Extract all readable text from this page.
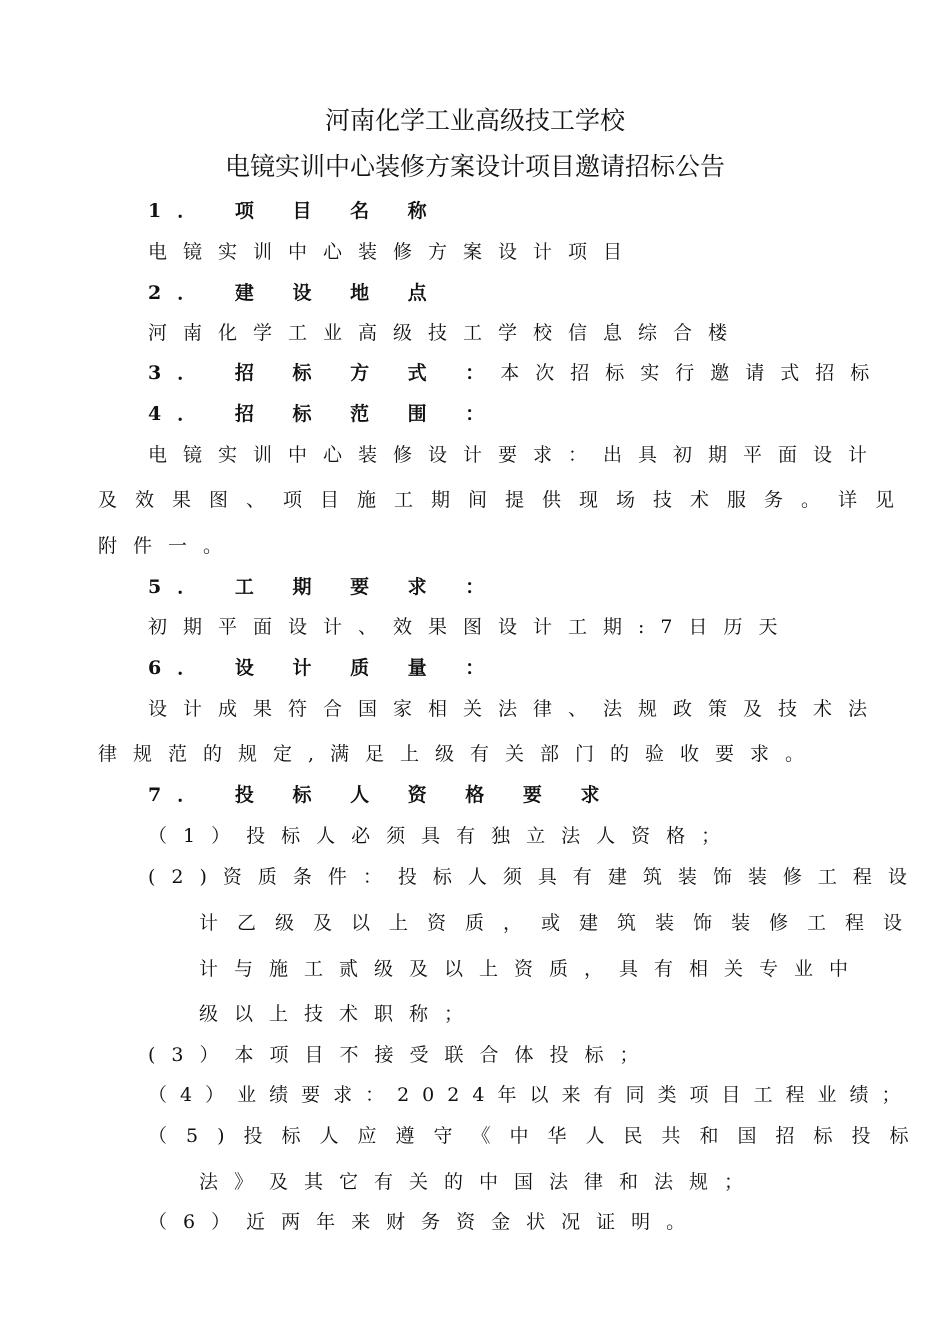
河南化学工业高级技工学校
电镜实训中心装修方案设计项目邀请招标公告
1． 项 目 名 称
电镜实训中心装修方案设计项目
2． 建 设 地 点
河南化学工业高级技工学校信息综合楼
3． 招 标 方 式 ：本次招标实行邀请式招标
4． 招 标 范 围 ：
电镜实训中心装修设计要求：出具初期平面设计
及效果图、项目施工期间提供现场技术服务。详见
附件一。
5． 工 期 要 求 ：
初期平面设计、效果图设计工期:7日历天
6． 设 计 质 量 ：
设计成果符合国家相关法律、法规政策及技术法
律规范的规定,满足上级有关部门的验收要求。
7． 投 标 人 资 格 要 求
（1）投标人必须具有独立法人资格；
(2)资质条件：投标人须具有建筑装饰装修工程设
计乙级及以上资质，或建筑装饰装修工程设
计与施工贰级及以上资质，具有相关专业中
级以上技术职称；
(3）本项目不接受联合体投标；
（4）业绩要求：2024年以来有同类项目工程业绩；
（5)投标人应遵守《中华人民共和国招标投标
法》及其它有关的中国法律和法规；
（6）近两年来财务资金状况证明。
